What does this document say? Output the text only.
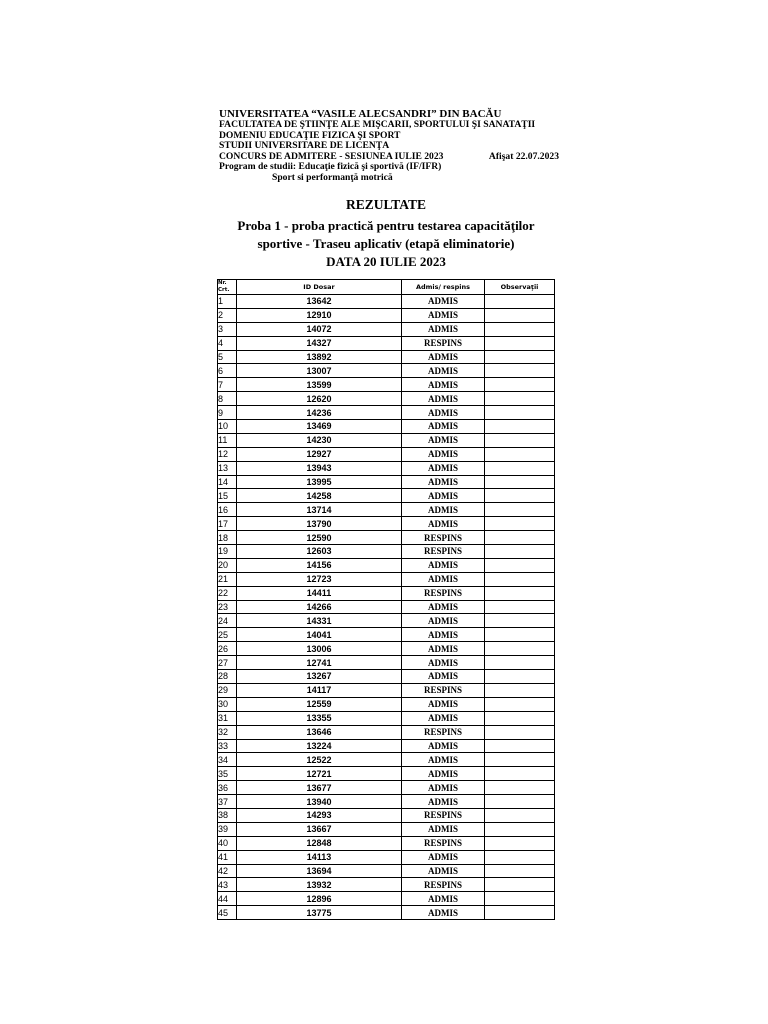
UNIVERSITATEA “VASILE ALECSANDRI” DIN BACĂU
FACULTATEA DE ŞTIINŢE ALE MIŞCARII, SPORTULUI ŞI SANATAŢII
DOMENIU EDUCAŢIE FIZICA ŞI SPORT
STUDII UNIVERSITARE DE LICENŢA
CONCURS DE ADMITERE - SESIUNEA IULIE 2023	Afişat 22.07.2023
Program de studii: Educaţie fizică şi sportivă (IF/IFR)
Sport si performanţă motrică
REZULTATE
Proba 1 - proba practică pentru testarea capacităţilor
sportive - Traseu aplicativ (etapă eliminatorie)
DATA 20 IULIE 2023
Nr. Crt.	ID Dosar	Admis/ respins	Observaţii
1	13642	ADMIS	
2	12910	ADMIS	
3	14072	ADMIS	
4	14327	RESPINS	
5	13892	ADMIS	
6	13007	ADMIS	
7	13599	ADMIS	
8	12620	ADMIS	
9	14236	ADMIS	
10	13469	ADMIS	
11	14230	ADMIS	
12	12927	ADMIS	
13	13943	ADMIS	
14	13995	ADMIS	
15	14258	ADMIS	
16	13714	ADMIS	
17	13790	ADMIS	
18	12590	RESPINS	
19	12603	RESPINS	
20	14156	ADMIS	
21	12723	ADMIS	
22	14411	RESPINS	
23	14266	ADMIS	
24	14331	ADMIS	
25	14041	ADMIS	
26	13006	ADMIS	
27	12741	ADMIS	
28	13267	ADMIS	
29	14117	RESPINS	
30	12559	ADMIS	
31	13355	ADMIS	
32	13646	RESPINS	
33	13224	ADMIS	
34	12522	ADMIS	
35	12721	ADMIS	
36	13677	ADMIS	
37	13940	ADMIS	
38	14293	RESPINS	
39	13667	ADMIS	
40	12848	RESPINS	
41	14113	ADMIS	
42	13694	ADMIS	
43	13932	RESPINS	
44	12896	ADMIS	
45	13775	ADMIS	
